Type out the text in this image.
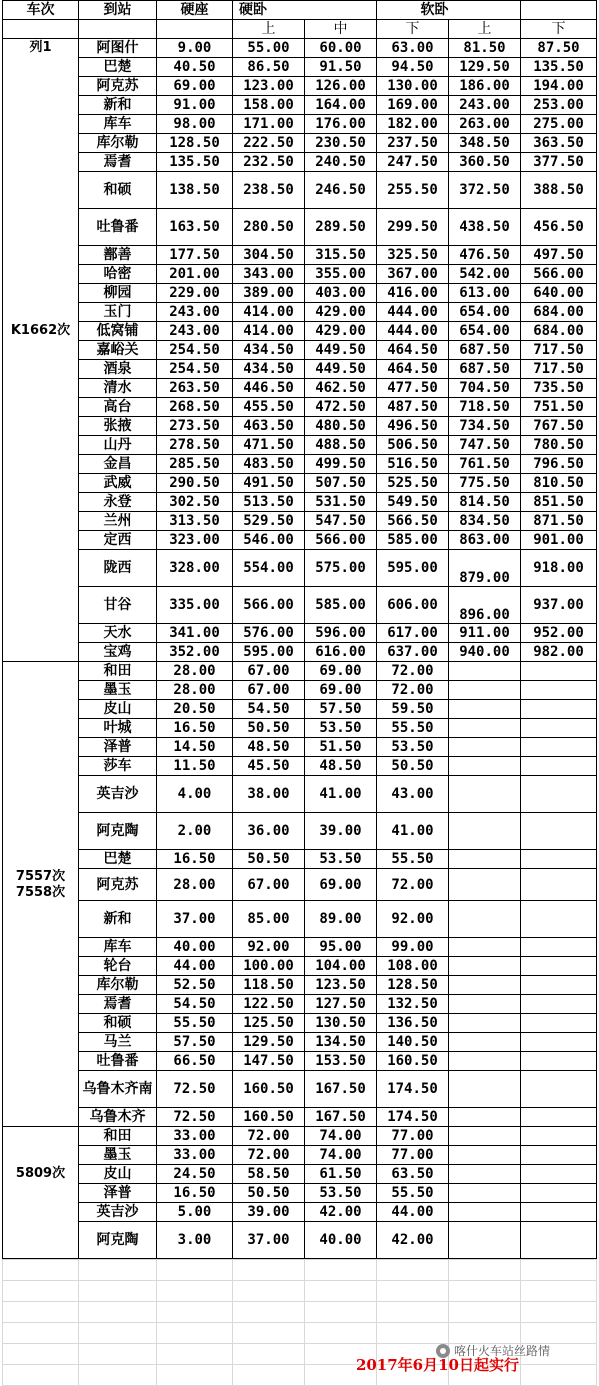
车次	到站	硬座	硬卧		软卧		
			上	中	下	上	下
列1	阿图什	9.00	55.00	60.00	63.00	81.50	87.50
	巴楚	40.50	86.50	91.50	94.50	129.50	135.50
	阿克苏	69.00	123.00	126.00	130.00	186.00	194.00
	新和	91.00	158.00	164.00	169.00	243.00	253.00
	库车	98.00	171.00	176.00	182.00	263.00	275.00
	库尔勒	128.50	222.50	230.50	237.50	348.50	363.50
	焉耆	135.50	232.50	240.50	247.50	360.50	377.50
	和硕	138.50	238.50	246.50	255.50	372.50	388.50
	吐鲁番	163.50	280.50	289.50	299.50	438.50	456.50
	鄯善	177.50	304.50	315.50	325.50	476.50	497.50
	哈密	201.00	343.00	355.00	367.00	542.00	566.00
	柳园	229.00	389.00	403.00	416.00	613.00	640.00
	玉门	243.00	414.00	429.00	444.00	654.00	684.00
K1662次	低窝铺	243.00	414.00	429.00	444.00	654.00	684.00
	嘉峪关	254.50	434.50	449.50	464.50	687.50	717.50
	酒泉	254.50	434.50	449.50	464.50	687.50	717.50
	清水	263.50	446.50	462.50	477.50	704.50	735.50
	高台	268.50	455.50	472.50	487.50	718.50	751.50
	张掖	273.50	463.50	480.50	496.50	734.50	767.50
	山丹	278.50	471.50	488.50	506.50	747.50	780.50
	金昌	285.50	483.50	499.50	516.50	761.50	796.50
	武威	290.50	491.50	507.50	525.50	775.50	810.50
	永登	302.50	513.50	531.50	549.50	814.50	851.50
	兰州	313.50	529.50	547.50	566.50	834.50	871.50
	定西	323.00	546.00	566.00	585.00	863.00	901.00
	陇西	328.00	554.00	575.00	595.00	879.00	918.00
	甘谷	335.00	566.00	585.00	606.00	896.00	937.00
	天水	341.00	576.00	596.00	617.00	911.00	952.00
	宝鸡	352.00	595.00	616.00	637.00	940.00	982.00
	和田	28.00	67.00	69.00	72.00		
	墨玉	28.00	67.00	69.00	72.00		
	皮山	20.50	54.50	57.50	59.50		
	叶城	16.50	50.50	53.50	55.50		
	泽普	14.50	48.50	51.50	53.50		
	莎车	11.50	45.50	48.50	50.50		
	英吉沙	4.00	38.00	41.00	43.00		
	阿克陶	2.00	36.00	39.00	41.00		
	巴楚	16.50	50.50	53.50	55.50		
7557次
7558次	阿克苏	28.00	67.00	69.00	72.00		
	新和	37.00	85.00	89.00	92.00		
	库车	40.00	92.00	95.00	99.00		
	轮台	44.00	100.00	104.00	108.00		
	库尔勒	52.50	118.50	123.50	128.50		
	焉耆	54.50	122.50	127.50	132.50		
	和硕	55.50	125.50	130.50	136.50		
	马兰	57.50	129.50	134.50	140.50		
	吐鲁番	66.50	147.50	153.50	160.50		
	乌鲁木齐南	72.50	160.50	167.50	174.50		
	乌鲁木齐	72.50	160.50	167.50	174.50		
	和田	33.00	72.00	74.00	77.00		
	墨玉	33.00	72.00	74.00	77.00		
5809次	皮山	24.50	58.50	61.50	63.50		
	泽普	16.50	50.50	53.50	55.50		
	英吉沙	5.00	39.00	42.00	44.00		
	阿克陶	3.00	37.00	40.00	42.00		

喀什火车站丝路情
2017年6月10日起实行
